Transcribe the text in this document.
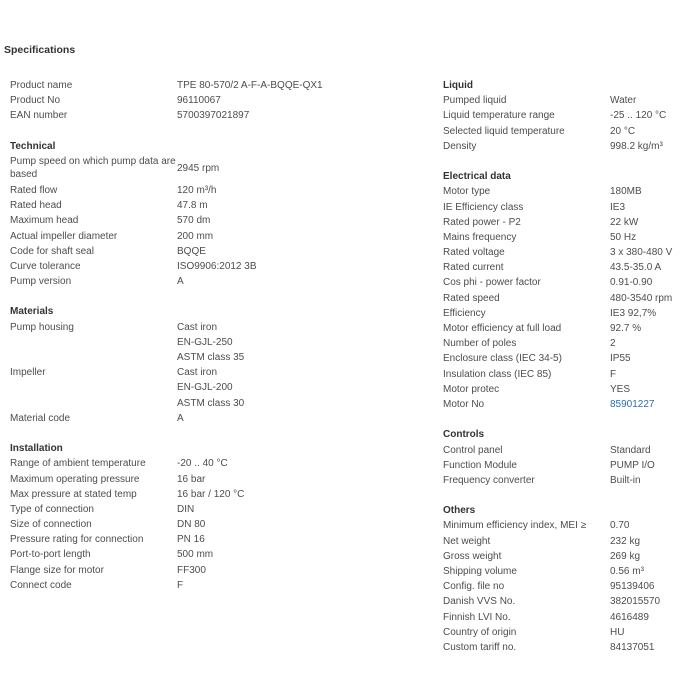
Specifications
Product name	TPE 80-570/2 A-F-A-BQQE-QX1
Product No	96110067
EAN number	5700397021897
Technical
Pump speed on which pump data are based
2945 rpm
Rated flow	120 m³/h
Rated head	47.8 m
Maximum head	570 dm
Actual impeller diameter	200 mm
Code for shaft seal	BQQE
Curve tolerance	ISO9906:2012 3B
Pump version	A
Materials
Pump housing	Cast iron
EN-GJL-250
ASTM class 35
Impeller	Cast iron
EN-GJL-200
ASTM class 30
Material code	A
Installation
Range of ambient temperature	-20 .. 40 °C
Maximum operating pressure	16 bar
Max pressure at stated temp	16 bar / 120 °C
Type of connection	DIN
Size of connection	DN 80
Pressure rating for connection	PN 16
Port-to-port length	500 mm
Flange size for motor	FF300
Connect code	F
Liquid
Pumped liquid	Water
Liquid temperature range	-25 .. 120 °C
Selected liquid temperature	20 °C
Density	998.2 kg/m³
Electrical data
Motor type	180MB
IE Efficiency class	IE3
Rated power - P2	22 kW
Mains frequency	50 Hz
Rated voltage	3 x 380-480 V
Rated current	43.5-35.0 A
Cos phi - power factor	0.91-0.90
Rated speed	480-3540 rpm
Efficiency	IE3 92,7%
Motor efficiency at full load	92.7 %
Number of poles	2
Enclosure class (IEC 34-5)	IP55
Insulation class (IEC 85)	F
Motor protec	YES
Motor No	85901227
Controls
Control panel	Standard
Function Module	PUMP I/O
Frequency converter	Built-in
Others
Minimum efficiency index, MEI ≥	0.70
Net weight	232 kg
Gross weight	269 kg
Shipping volume	0.56 m³
Config. file no	95139406
Danish VVS No.	382015570
Finnish LVI No.	4616489
Country of origin	HU
Custom tariff no.	84137051
